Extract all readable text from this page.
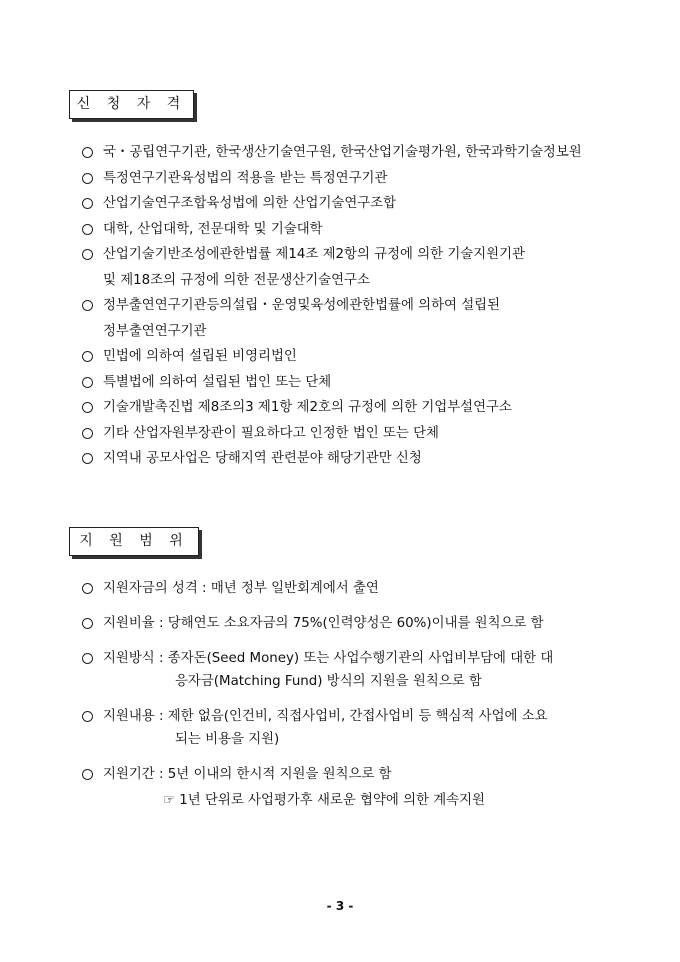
신 청 자 격
국・공립연구기관, 한국생산기술연구원, 한국산업기술평가원, 한국과학기술정보원
특정연구기관육성법의 적용을 받는 특정연구기관
산업기술연구조합육성법에 의한 산업기술연구조합
대학, 산업대학, 전문대학 및 기술대학
산업기술기반조성에관한법률 제14조 제2항의 규정에 의한 기술지원기관
및 제18조의 규정에 의한 전문생산기술연구소
정부출연연구기관등의설립・운영및육성에관한법률에 의하여 설립된
정부출연연구기관
민법에 의하여 설립된 비영리법인
특별법에 의하여 설립된 법인 또는 단체
기술개발촉진법 제8조의3 제1항 제2호의 규정에 의한 기업부설연구소
기타 산업자원부장관이 필요하다고 인정한 법인 또는 단체
지역내 공모사업은 당해지역 관련분야 해당기관만 신청
지 원 범 위
지원자금의 성격 : 매년 정부 일반회계에서 출연
지원비율 : 당해연도 소요자금의 75%(인력양성은 60%)이내를 원칙으로 함
지원방식 : 종자돈(Seed Money) 또는 사업수행기관의 사업비부담에 대한 대
응자금(Matching Fund) 방식의 지원을 원칙으로 함
지원내용 : 제한 없음(인건비, 직접사업비, 간접사업비 등 핵심적 사업에 소요
되는 비용을 지원)
지원기간 : 5년 이내의 한시적 지원을 원칙으로 함
☞ 1년 단위로 사업평가후 새로운 협약에 의한 계속지원
- 3 -
